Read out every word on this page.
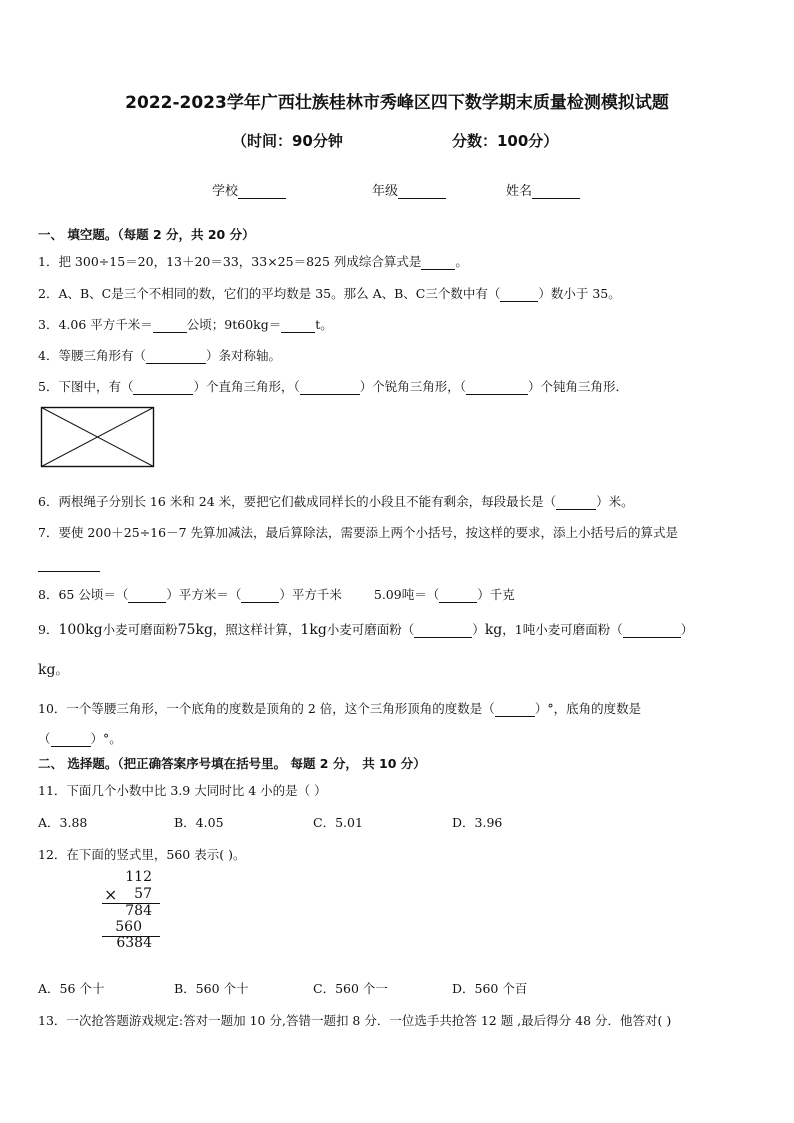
2022-2023学年广西壮族桂林市秀峰区四下数学期末质量检测模拟试题
（时间：90分钟	分数：100分）
学校	年级	姓名
一、 填空题。（每题 2 分，共 20 分）
1．把 300÷15＝20，13＋20＝33，33×25＝825 列成综合算式是	。
2．A、B、C是三个不相同的数，它们的平均数是 35。那么 A、B、C三个数中有（	）数小于 35。
3．4.06 平方千米＝	公顷；9t60kg＝	t。
4．等腰三角形有（	）条对称轴。
5．下图中，有（	）个直角三角形，（	）个锐角三角形，（	）个钝角三角形．
6．两根绳子分别长 16 米和 24 米，要把它们截成同样长的小段且不能有剩余，每段最长是（	）米。
7．要使 200＋25÷16－7 先算加减法，最后算除法，需要添上两个小括号，按这样的要求，添上小括号后的算式是
8．65 公顷＝（	）平方米＝（	）平方千米	5.09吨＝（	）千克
9．100kg小麦可磨面粉75kg，照这样计算，1kg小麦可磨面粉（	）kg，1吨小麦可磨面粉（	）
kg。
10．一个等腰三角形，一个底角的度数是顶角的 2 倍，这个三角形顶角的度数是（	）°，底角的度数是
（	）°。
二、 选择题。（把正确答案序号填在括号里。 每题 2 分， 共 10 分）
11．下面几个小数中比 3.9 大同时比 4 小的是（ ）
A．3.88	B．4.05	C．5.01	D．3.96
12．在下面的竖式里，560 表示( )。
112
× 57
784
560
6384
A．56 个十	B．560 个十	C．560 个一	D．560 个百
13．一次抢答题游戏规定:答对一题加 10 分,答错一题扣 8 分．一位选手共抢答 12 题 ,最后得分 48 分．他答对( )
